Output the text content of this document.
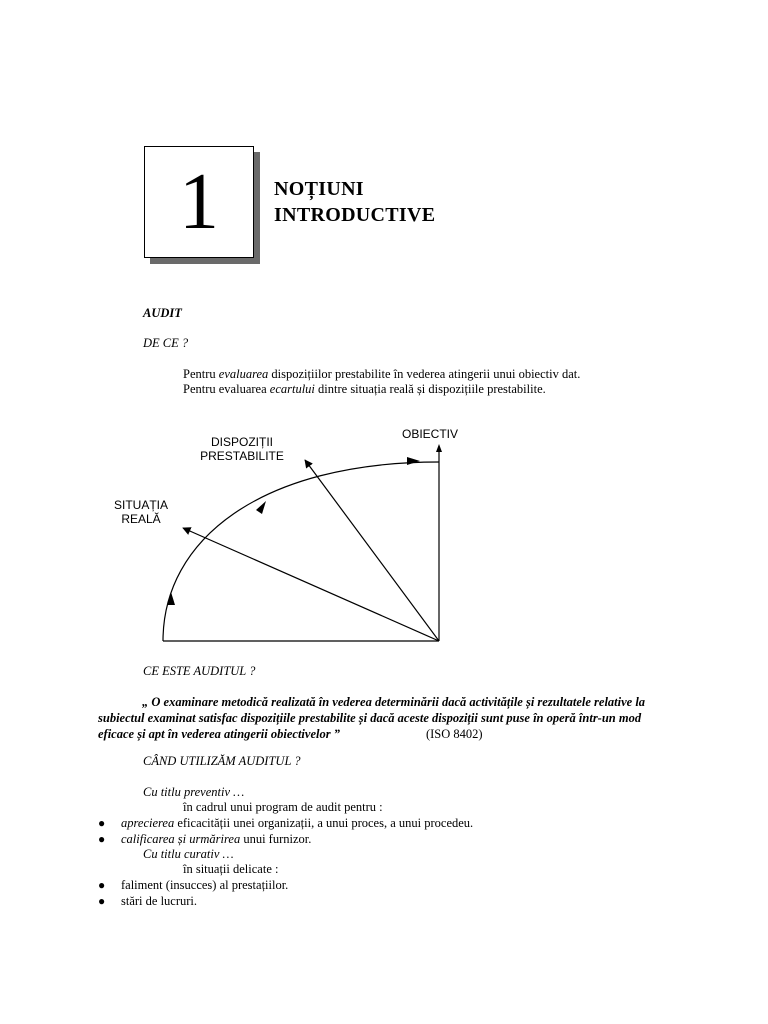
1	NOȚIUNI
INTRODUCTIVE
AUDIT
DE CE ?
Pentru evaluarea dispozițiilor prestabilite în vederea atingerii unui obiectiv dat.
Pentru evaluarea ecartului dintre situația reală și dispozițiile prestabilite.
OBIECTIV
DISPOZIȚII
PRESTABILITE
SITUAȚIA
REALĂ
CE ESTE AUDITUL ?
„ O examinare metodică realizată în vederea determinării dacă activitățile și rezultatele relative la
subiectul examinat satisfac dispozițiile prestabilite și dacă aceste dispoziții sunt puse în operă într-un mod
eficace și apt în vederea atingerii obiectivelor ”	(ISO 8402)
CÂND UTILIZĂM AUDITUL ?
Cu titlu preventiv …
în cadrul unui program de audit pentru :
● aprecierea eficacității unei organizații, a unui proces, a unui procedeu.
● calificarea și urmărirea unui furnizor.
Cu titlu curativ …
în situații delicate :
● faliment (insucces) al prestațiilor.
● stări de lucruri.
